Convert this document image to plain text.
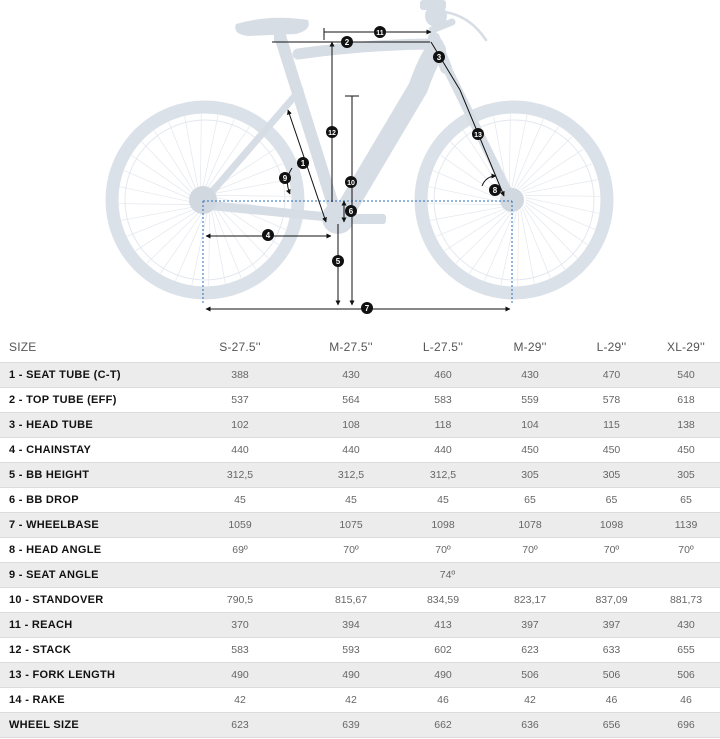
1
2
3
4
5
6
7
8
9
10
11
12	13
SIZE	S-27.5''	M-27.5''	L-27.5''	M-29''	L-29''	XL-29''
1 - SEAT TUBE (C-T)	388	430	460	430	470	540
2 - TOP TUBE (EFF)	537	564	583	559	578	618
3 - HEAD TUBE	102	108	118	104	115	138
4 - CHAINSTAY	440	440	440	450	450	450
5 - BB HEIGHT	312,5	312,5	312,5	305	305	305
6 - BB DROP	45	45	45	65	65	65
7 - WHEELBASE	1059	1075	1098	1078	1098	1139
8 - HEAD ANGLE	69º	70º	70º	70º	70º	70º
9 - SEAT ANGLE	74º					
10 - STANDOVER	790,5	815,67	834,59	823,17	837,09	881,73
11 - REACH	370	394	413	397	397	430
12 - STACK	583	593	602	623	633	655
13 - FORK LENGTH	490	490	490	506	506	506
14 - RAKE	42	42	46	42	46	46
WHEEL SIZE	623	639	662	636	656	696
